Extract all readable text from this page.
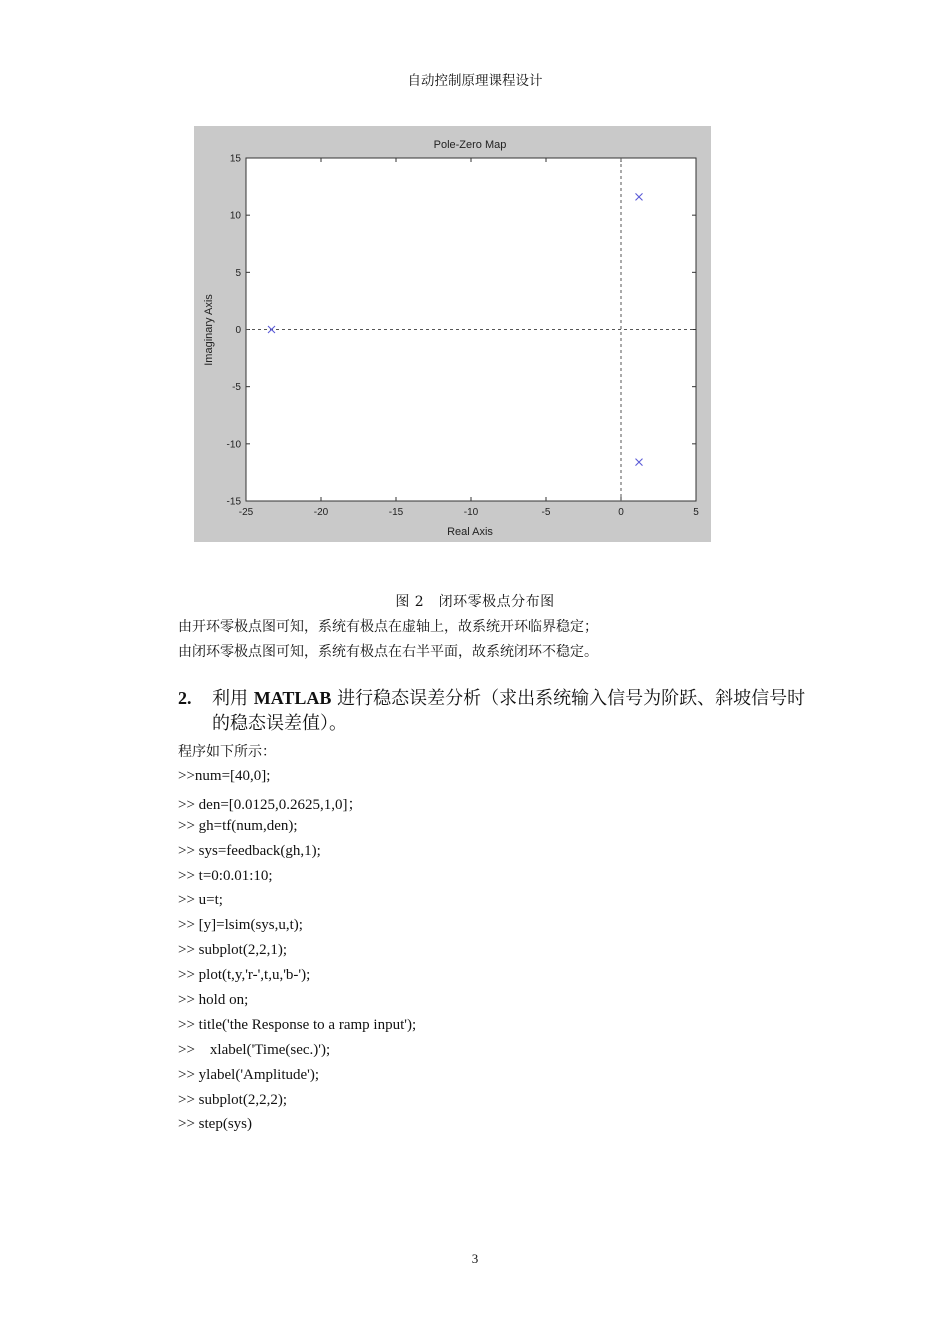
自动控制原理课程设计
Pole-Zero Map
Real Axis
Imaginary Axis
-25	-20	-15	-10	-5	0	5
15
10
5
0
-5
-10
-15
图 2　闭环零极点分布图
由开环零极点图可知，系统有极点在虚轴上，故系统开环临界稳定；
由闭环零极点图可知，系统有极点在右半平面，故系统闭环不稳定。
2.	利用 MATLAB 进行稳态误差分析（求出系统输入信号为阶跃、斜坡信号时的稳态误差值）。
程序如下所示：
>>num=[40,0];
>> den=[0.0125,0.2625,1,0]；
>> gh=tf(num,den);
>> sys=feedback(gh,1);
>> t=0:0.01:10;
>> u=t;
>> [y]=lsim(sys,u,t);
>> subplot(2,2,1);
>> plot(t,y,'r-',t,u,'b-');
>> hold on;
>> title('the Response to a ramp input');
>>    xlabel('Time(sec.)');
>> ylabel('Amplitude');
>> subplot(2,2,2);
>> step(sys)
3
